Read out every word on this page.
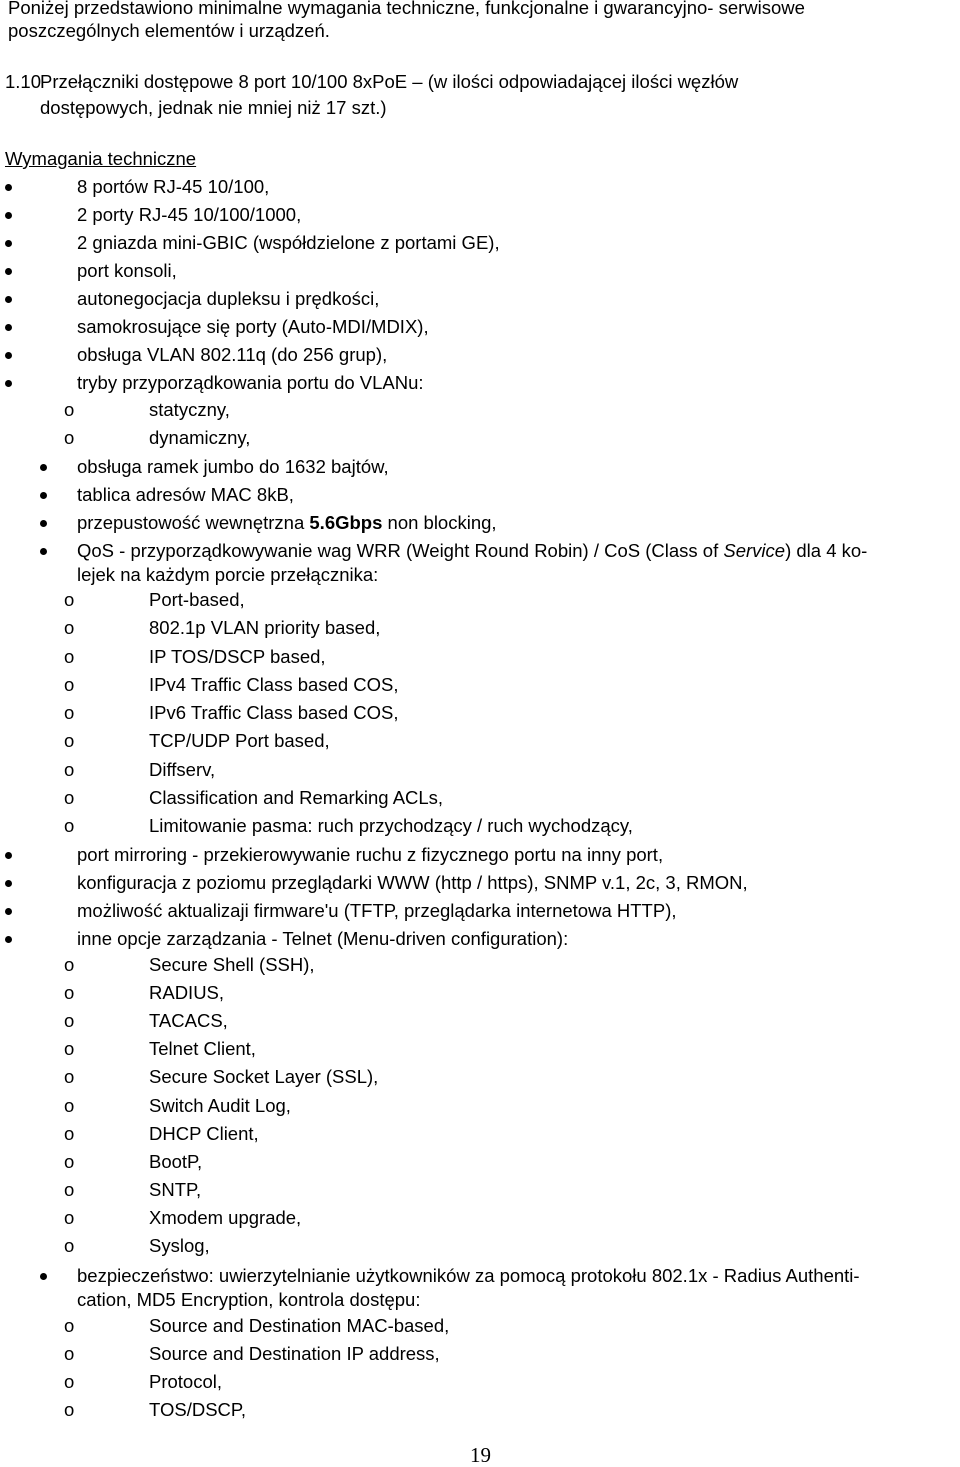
Poniżej przedstawiono minimalne wymagania techniczne, funkcjonalne i gwarancyjno- serwisowe
poszczególnych elementów i urządzeń.
1.10
Przełączniki dostępowe 8 port 10/100 8xPoE – (w ilości odpowiadającej ilości węzłów
dostępowych, jednak nie mniej niż 17 szt.)
Wymagania techniczne
8 portów RJ-45 10/100,
2 porty RJ-45 10/100/1000,
2 gniazda mini-GBIC (współdzielone z portami GE),
port konsoli,
autonegocjacja dupleksu i prędkości,
samokrosujące się porty (Auto-MDI/MDIX),
obsługa VLAN 802.11q (do 256 grup),
tryby przyporządkowania portu do VLANu:
o	statyczny,
o	dynamiczny,
obsługa ramek jumbo do 1632 bajtów,
tablica adresów MAC 8kB,
przepustowość wewnętrzna 5.6Gbps non blocking,
QoS - przyporządkowywanie wag WRR (Weight Round Robin) / CoS (Class of Service) dla 4 ko-
lejek na każdym porcie przełącznika:
o	Port-based,
o	802.1p VLAN priority based,
o	IP TOS/DSCP based,
o	IPv4 Traffic Class based COS,
o	IPv6 Traffic Class based COS,
o	TCP/UDP Port based,
o	Diffserv,
o	Classification and Remarking ACLs,
o	Limitowanie pasma: ruch przychodzący / ruch wychodzący,
port mirroring - przekierowywanie ruchu z fizycznego portu na inny port,
konfiguracja z poziomu przeglądarki WWW (http / https), SNMP v.1, 2c, 3, RMON,
możliwość aktualizaji firmware'u (TFTP, przeglądarka internetowa HTTP),
inne opcje zarządzania - Telnet (Menu-driven configuration):
o	Secure Shell (SSH),
o	RADIUS,
o	TACACS,
o	Telnet Client,
o	Secure Socket Layer (SSL),
o	Switch Audit Log,
o	DHCP Client,
o	BootP,
o	SNTP,
o	Xmodem upgrade,
o	Syslog,
bezpieczeństwo: uwierzytelnianie użytkowników za pomocą protokołu 802.1x - Radius Authenti-
cation, MD5 Encryption, kontrola dostępu:
o	Source and Destination MAC-based,
o	Source and Destination IP address,
o	Protocol,
o	TOS/DSCP,
19
